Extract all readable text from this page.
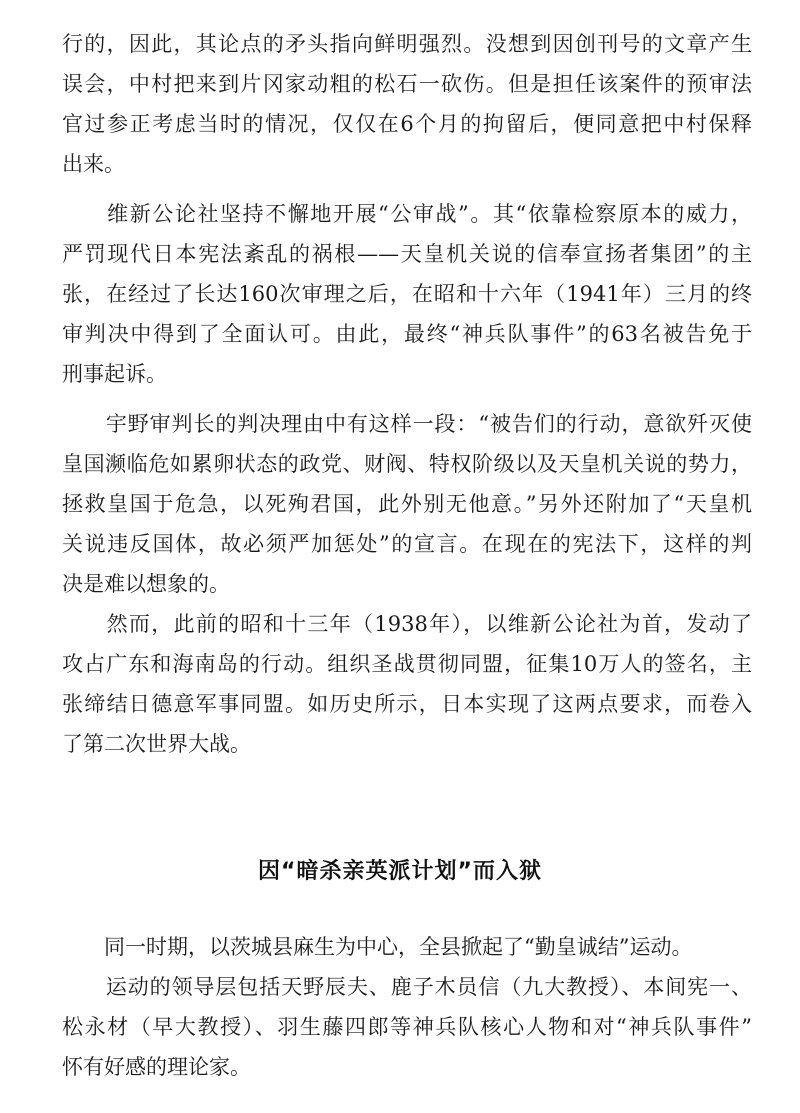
行的，因此，其论点的矛头指向鲜明强烈。没想到因创刊号的文章产生
误会，中村把来到片冈家动粗的松石一砍伤。但是担任该案件的预审法
官过参正考虑当时的情况，仅仅在6个月的拘留后，便同意把中村保释
出来。
　　维新公论社坚持不懈地开展“公审战”。其“依靠检察原本的威力，
严罚现代日本宪法紊乱的祸根——天皇机关说的信奉宣扬者集团”的主
张，在经过了长达160次审理之后，在昭和十六年（1941年）三月的终
审判决中得到了全面认可。由此，最终“神兵队事件”的63名被告免于
刑事起诉。
　　宇野审判长的判决理由中有这样一段：“被告们的行动，意欲歼灭使
皇国濒临危如累卵状态的政党、财阀、特权阶级以及天皇机关说的势力，
拯救皇国于危急，以死殉君国，此外别无他意。”另外还附加了“天皇机
关说违反国体，故必须严加惩处”的宣言。在现在的宪法下，这样的判
决是难以想象的。
　　然而，此前的昭和十三年（1938年），以维新公论社为首，发动了
攻占广东和海南岛的行动。组织圣战贯彻同盟，征集10万人的签名，主
张缔结日德意军事同盟。如历史所示，日本实现了这两点要求，而卷入
了第二次世界大战。
因“暗杀亲英派计划”而入狱
　　同一时期，以茨城县麻生为中心，全县掀起了“勤皇诚结”运动。
　　运动的领导层包括天野辰夫、鹿子木员信（九大教授）、本间宪一、
松永材（早大教授）、羽生藤四郎等神兵队核心人物和对“神兵队事件”
怀有好感的理论家。
